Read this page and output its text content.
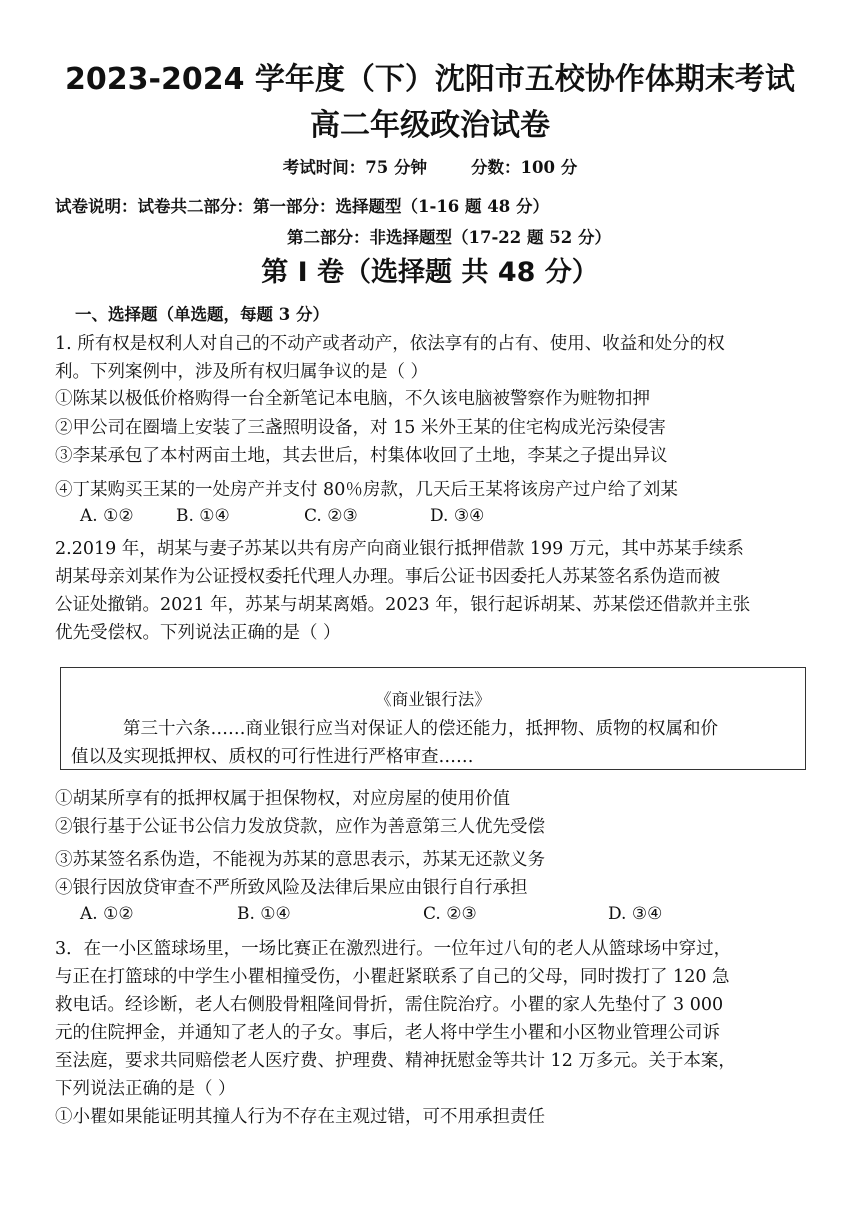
2023-2024 学年度（下）沈阳市五校协作体期末考试
高二年级政治试卷
考试时间：75 分钟	分数：100 分
试卷说明：试卷共二部分：第一部分：选择题型（1-16 题 48 分）
第二部分：非选择题型（17-22 题 52 分）
第 I 卷（选择题 共 48 分）
一、选择题（单选题，每题 3 分）
1. 所有权是权利人对自己的不动产或者动产，依法享有的占有、使用、收益和处分的权
利。下列案例中，涉及所有权归属争议的是（ ）
①陈某以极低价格购得一台全新笔记本电脑，不久该电脑被警察作为赃物扣押
②甲公司在圈墙上安装了三盏照明设备，对 15 米外王某的住宅构成光污染侵害
③李某承包了本村两亩土地，其去世后，村集体收回了土地，李某之子提出异议
④丁某购买王某的一处房产并支付 80％房款，几天后王某将该房产过户给了刘某
A. ①② B. ①④	C. ②③	D. ③④
2.2019 年，胡某与妻子苏某以共有房产向商业银行抵押借款 199 万元，其中苏某手续系
胡某母亲刘某作为公证授权委托代理人办理。事后公证书因委托人苏某签名系伪造而被
公证处撤销。2021 年，苏某与胡某离婚。2023 年，银行起诉胡某、苏某偿还借款并主张
优先受偿权。下列说法正确的是（ ）
《商业银行法》
第三十六条……商业银行应当对保证人的偿还能力，抵押物、质物的权属和价
值以及实现抵押权、质权的可行性进行严格审查……
①胡某所享有的抵押权属于担保物权，对应房屋的使用价值
②银行基于公证书公信力发放贷款，应作为善意第三人优先受偿
③苏某签名系伪造，不能视为苏某的意思表示，苏某无还款义务
④银行因放贷审查不严所致风险及法律后果应由银行自行承担
A. ①②	B. ①④	C. ②③	D. ③④
3．在一小区篮球场里，一场比赛正在激烈进行。一位年过八旬的老人从篮球场中穿过，
与正在打篮球的中学生小瞿相撞受伤，小瞿赶紧联系了自己的父母，同时拨打了 120 急
救电话。经诊断，老人右侧股骨粗隆间骨折，需住院治疗。小瞿的家人先垫付了 3 000
元的住院押金，并通知了老人的子女。事后，老人将中学生小瞿和小区物业管理公司诉
至法庭，要求共同赔偿老人医疗费、护理费、精神抚慰金等共计 12 万多元。关于本案，
下列说法正确的是（ ）
①小瞿如果能证明其撞人行为不存在主观过错，可不用承担责任
